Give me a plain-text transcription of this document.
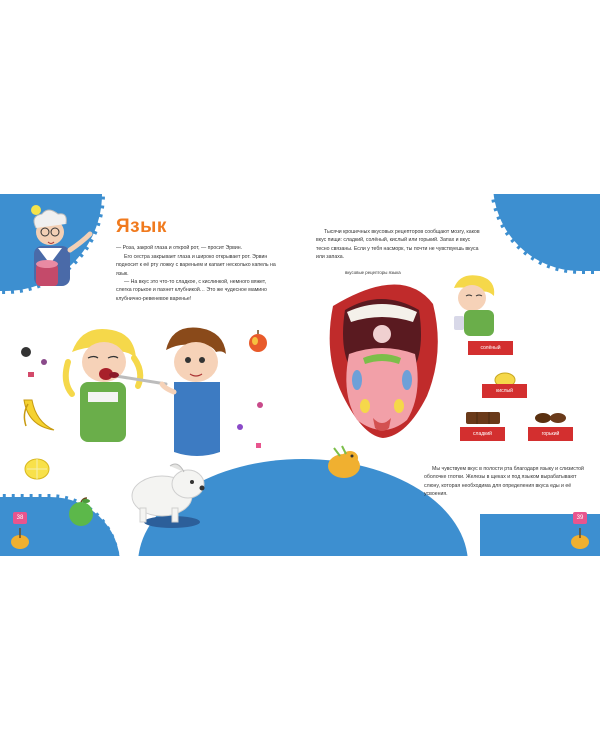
солёный
кислый
сладкий	горький
38	39
Язык

— Роза, закрой глаза и открой рот, — просит Эрвин.

Его сестра закрывает глаза и широко открывает рот. Эрвин подносит к её рту ложку с вареньем и капает несколько капель на язык.

— На вкус это что-то сладкое, с кислинкой, немного вяжет, слегка горькое и пахнет клубникой… Это же чудесное мамино клубнично-ревеневое варенье!

Тысячи крошечных вкусовых рецепторов сообщают мозгу, каков вкус пищи: сладкий, солёный, кислый или горький. Запах и вкус тесно связаны. Если у тебя насморк, ты почти не чувствуешь вкуса или запаха.

вкусовые рецепторы языка

Мы чувствуем вкус в полости рта благодаря языку и слизистой оболочке глотки. Железы в щеках и под языком вырабатывают слюну, которая необходима для определения вкуса еды и её усвоения.
